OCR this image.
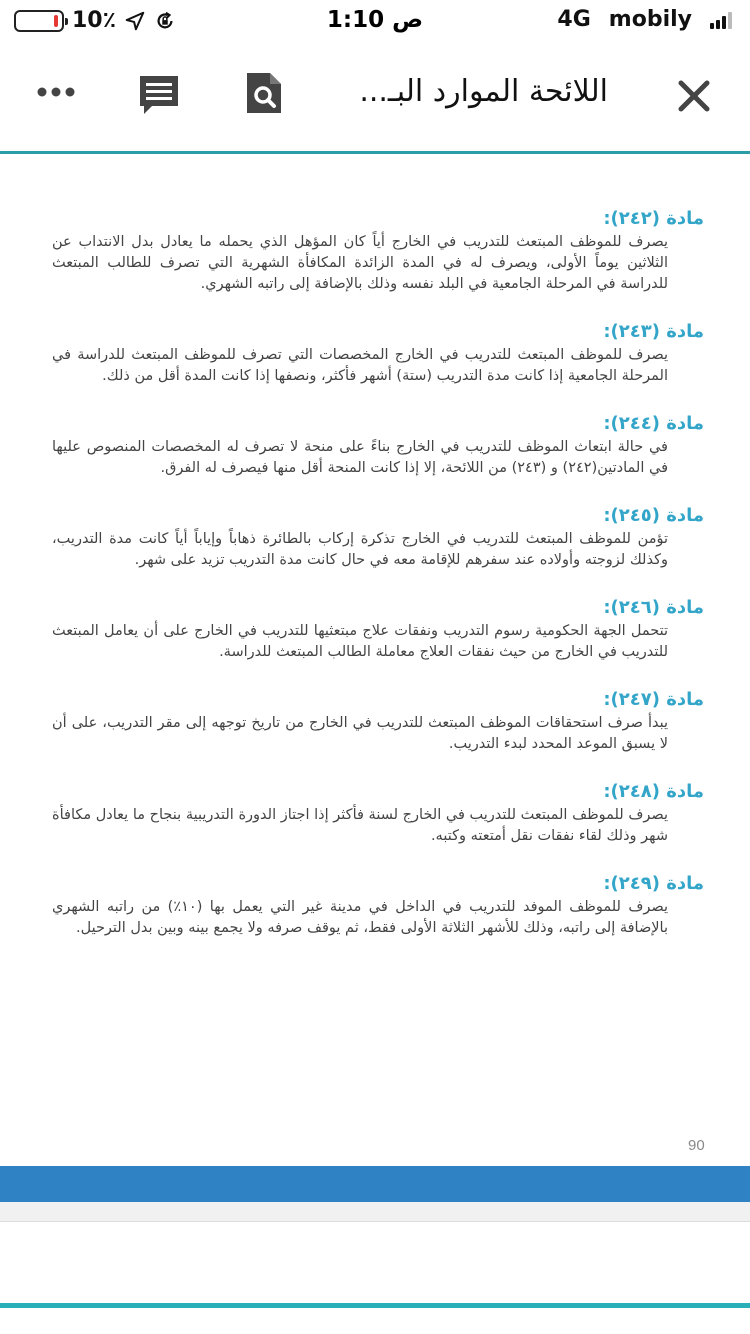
10٪	1:10 ص	4G mobily
اللائحة الموارد البـ...
مادة (٢٤٢):
يصرف للموظف المبتعث للتدريب في الخارج أياً كان المؤهل الذي يحمله ما يعادل بدل الانتداب عن الثلاثين يوماً الأولى، ويصرف له في المدة الزائدة المكافأة الشهرية التي تصرف للطالب المبتعث للدراسة في المرحلة الجامعية في البلد نفسه وذلك بالإضافة إلى راتبه الشهري.
مادة (٢٤٣):
يصرف للموظف المبتعث للتدريب في الخارج المخصصات التي تصرف للموظف المبتعث للدراسة في المرحلة الجامعية إذا كانت مدة التدريب (ستة) أشهر فأكثر، ونصفها إذا كانت المدة أقل من ذلك.
مادة (٢٤٤):
في حالة ابتعاث الموظف للتدريب في الخارج بناءً على منحة لا تصرف له المخصصات المنصوص عليها في المادتين(٢٤٢) و (٢٤٣) من اللائحة، إلا إذا كانت المنحة أقل منها فيصرف له الفرق.
مادة (٢٤٥):
تؤمن للموظف المبتعث للتدريب في الخارج تذكرة إركاب بالطائرة ذهاباً وإياباً أياً كانت مدة التدريب، وكذلك لزوجته وأولاده عند سفرهم للإقامة معه في حال كانت مدة التدريب تزيد على شهر.
مادة (٢٤٦):
تتحمل الجهة الحكومية رسوم التدريب ونفقات علاج مبتعثيها للتدريب في الخارج على أن يعامل المبتعث للتدريب في الخارج من حيث نفقات العلاج معاملة الطالب المبتعث للدراسة.
مادة (٢٤٧):
يبدأ صرف استحقاقات الموظف المبتعث للتدريب في الخارج من تاريخ توجهه إلى مقر التدريب، على أن لا يسبق الموعد المحدد لبدء التدريب.
مادة (٢٤٨):
يصرف للموظف المبتعث للتدريب في الخارج لسنة فأكثر إذا اجتاز الدورة التدريبية بنجاح ما يعادل مكافأة شهر وذلك لقاء نفقات نقل أمتعته وكتبه.
مادة (٢٤٩):
يصرف للموظف الموفد للتدريب في الداخل في مدينة غير التي يعمل بها (١٠٪) من راتبه الشهري بالإضافة إلى راتبه، وذلك للأشهر الثلاثة الأولى فقط، ثم يوقف صرفه ولا يجمع بينه وبين بدل الترحيل.
90
